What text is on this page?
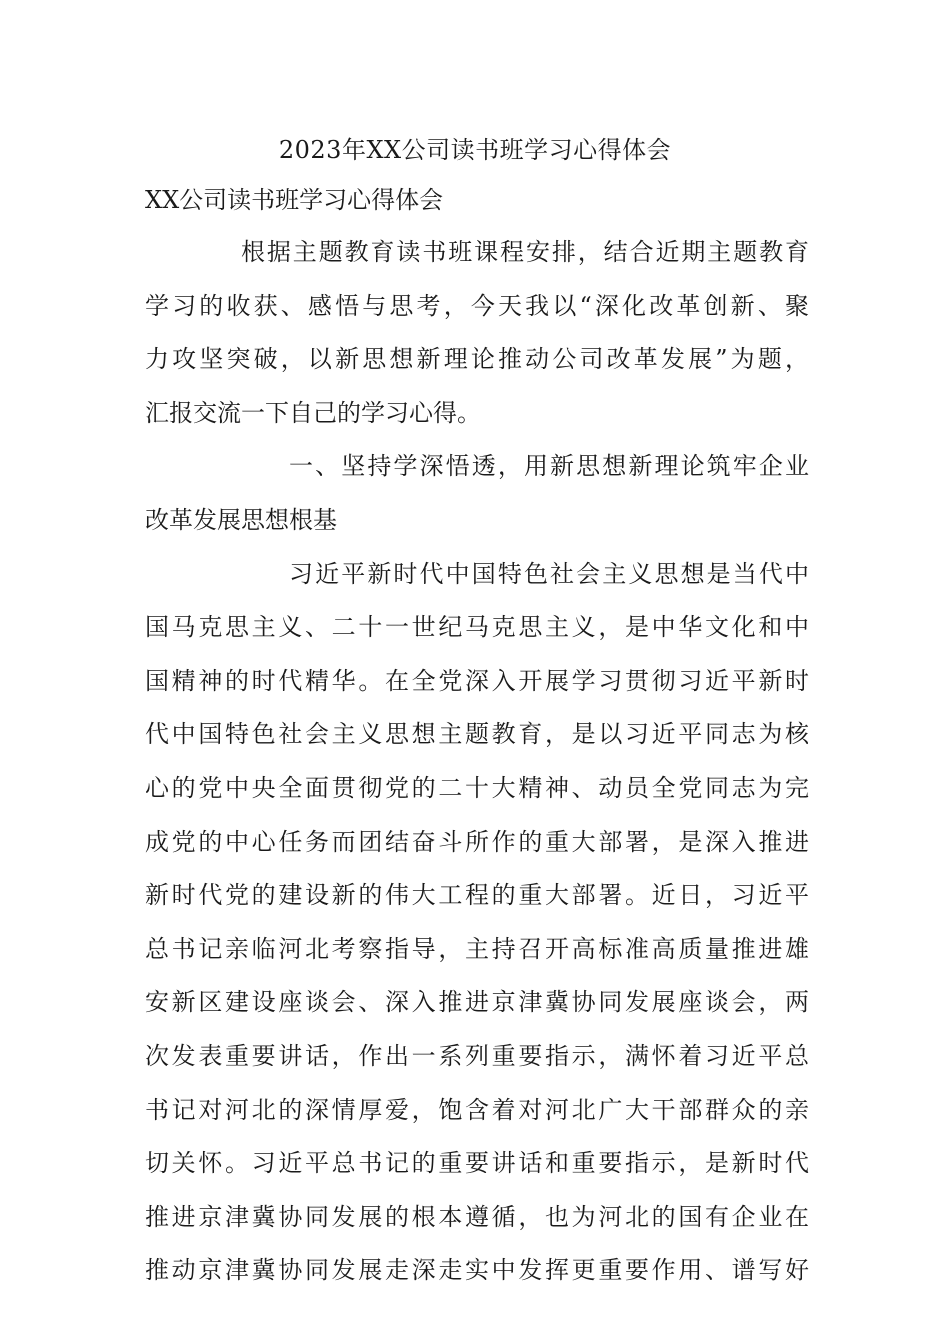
2023年XX公司读书班学习心得体会
XX公司读书班学习心得体会
根据主题教育读书班课程安排，结合近期主题教育
学习的收获、感悟与思考，今天我以“深化改革创新、聚
力攻坚突破，以新思想新理论推动公司改革发展”为题，
汇报交流一下自己的学习心得。
一、坚持学深悟透，用新思想新理论筑牢企业
改革发展思想根基
习近平新时代中国特色社会主义思想是当代中
国马克思主义、二十一世纪马克思主义，是中华文化和中
国精神的时代精华。在全党深入开展学习贯彻习近平新时
代中国特色社会主义思想主题教育，是以习近平同志为核
心的党中央全面贯彻党的二十大精神、动员全党同志为完
成党的中心任务而团结奋斗所作的重大部署，是深入推进
新时代党的建设新的伟大工程的重大部署。近日，习近平
总书记亲临河北考察指导，主持召开高标准高质量推进雄
安新区建设座谈会、深入推进京津冀协同发展座谈会，两
次发表重要讲话，作出一系列重要指示，满怀着习近平总
书记对河北的深情厚爱，饱含着对河北广大干部群众的亲
切关怀。习近平总书记的重要讲话和重要指示，是新时代
推进京津冀协同发展的根本遵循，也为河北的国有企业在
推动京津冀协同发展走深走实中发挥更重要作用、谱写好
